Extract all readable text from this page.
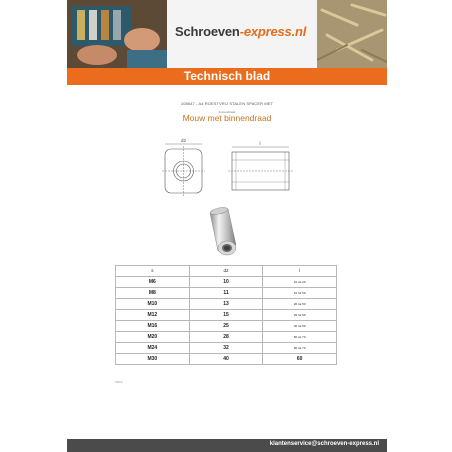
Schroeven-express.nl
Technisch blad
108647 - A4 ROESTVRIJ STALEN SPACER MET
binnendraad
Mouw met binnendraad
d2
l
s	d2	l
M6	10	10 tot 20
M8	11	10 tot 50
M10	13	20 tot 50
M12	15	20 tot 50
M16	25	40 tot 50
M20	28	50 tot 70
M24	32	50 tot 70
M30	40	60
M600
klantenservice@schroeven-express.nl
